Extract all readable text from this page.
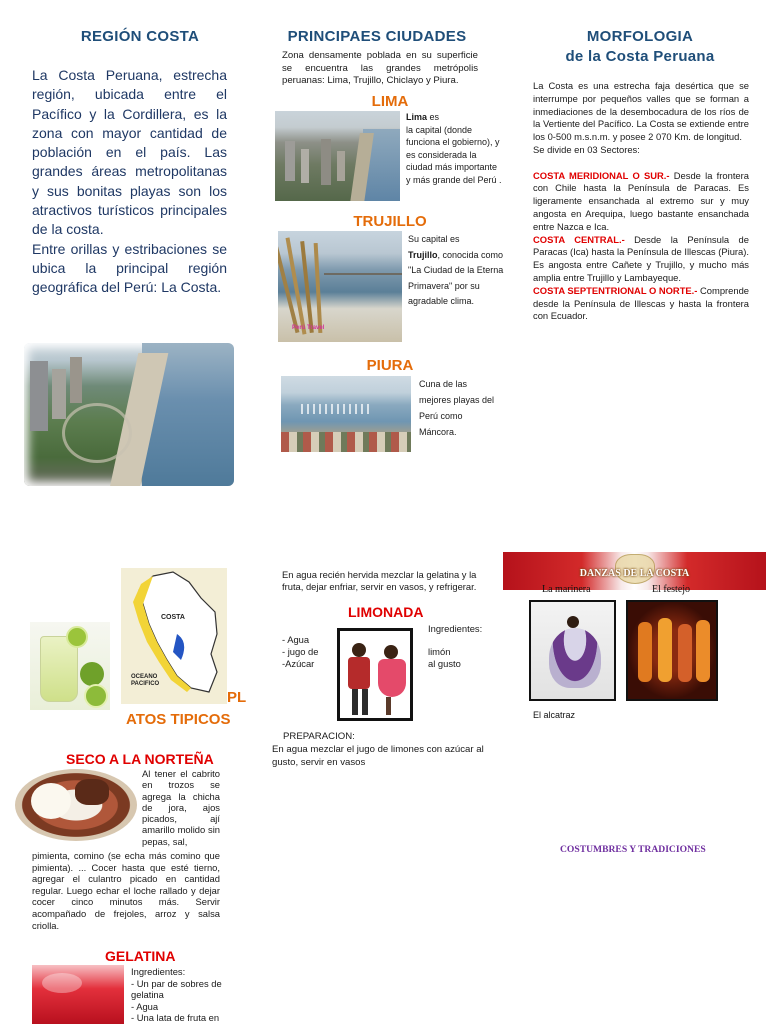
REGIÓN COSTA

La Costa Peruana, estrecha región, ubicada entre el Pacífico y la Cordillera, es la zona con mayor cantidad de población en el país. Las grandes áreas metropolitanas y sus bonitas playas son los atractivos turísticos principales de la costa.

Entre orillas y estribaciones se ubica la principal región geográfica del Perú: La Costa.

PRINCIPAES CIUDADES
Zona densamente poblada en su superficie se encuentra las grandes metrópolis peruanas: Lima, Trujillo, Chiclayo y Piura.
LIMA
Lima es
la capital (donde funciona el gobierno), y es considerada la ciudad más importante y más grande del Perú .
TRUJILLO
Perú Travel
Su capital es
Trujillo, conocida como "La Ciudad de la Eterna Primavera" por su agradable clima.
PIURA
Cuna de las mejores playas del Perú como Máncora.
MORFOLOGIA
de la Costa Peruana

La Costa es una estrecha faja desértica que se interrumpe por pequeños valles que se forman a inmediaciones de la desembocadura de los ríos de la Vertiente del Pacífico. La Costa se extiende entre los 0-500 m.s.n.m. y posee 2 070 Km. de longitud.

Se divide en 03 Sectores:

COSTA MERIDIONAL O SUR.- Desde la frontera con Chile hasta la Península de Paracas. Es ligeramente ensanchada al extremo sur y muy angosta en Arequipa, luego bastante ensanchada entre Nazca e Ica.

COSTA CENTRAL.- Desde la Península de Paracas (Ica) hasta la Península de Illescas (Piura). Es angosta entre Cañete y Trujillo, y mucho más amplia entre Trujillo y Lambayeque.

COSTA SEPTENTRIONAL O NORTE.- Comprende desde la Península de Illescas y hasta la frontera con Ecuador.

COSTA
OCEANO
PACIFICO
PL
ATOS TIPICOS
SECO A LA NORTEÑA
Al tener el cabrito en trozos se agrega la chicha de jora, ajos picados, ají amarillo molido sin pepas, sal,
pimienta, comino (se echa más comino que pimienta). ... Cocer hasta que esté tierno, agregar el culantro picado en cantidad regular. Luego echar el loche rallado y dejar cocer cinco minutos más. Servir acompañado de frejoles, arroz y salsa criolla.
GELATINA
Ingredientes:
- Un par de sobres de gelatina
- Agua
- Una lata de fruta en
En agua recién hervida mezclar la gelatina y la fruta, dejar enfriar, servir en vasos, y refrigerar.
LIMONADA
- Agua
- jugo de
-Azúcar
Ingredientes:
limón
al gusto
PREPARACION:
En agua mezclar el jugo de limones con azúcar al gusto, servir en vasos
DANZAS DE LA COSTA
La marinera	El festejo
El alcatraz
COSTUMBRES Y TRADICIONES
